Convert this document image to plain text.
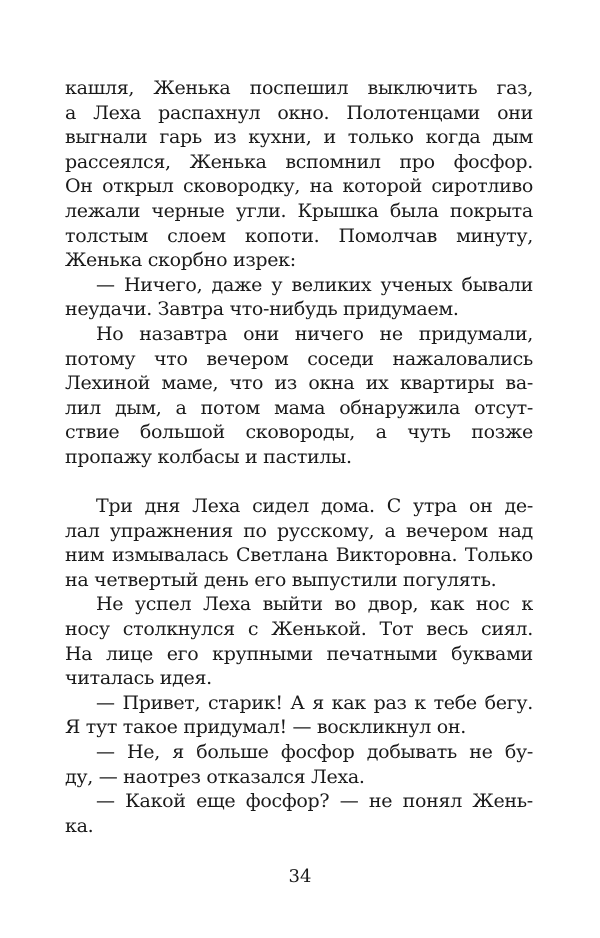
кашля, Женька поспешил выключить газ,
а Леха распахнул окно. Полотенцами они
выгнали гарь из кухни, и только когда дым
рассеялся, Женька вспомнил про фосфор.
Он открыл сковородку, на которой сиротливо
лежали черные угли. Крышка была покрыта
толстым слоем копоти. Помолчав минуту,
Женька скорбно изрек:
— Ничего, даже у великих ученых бывали
неудачи. Завтра что-нибудь придумаем.
Но назавтра они ничего не придумали,
потому что вечером соседи нажаловались
Лехиной маме, что из окна их квартиры ва-
лил дым, а потом мама обнаружила отсут-
ствие большой сковороды, а чуть позже
пропажу колбасы и пастилы.
Три дня Леха сидел дома. С утра он де-
лал упражнения по русскому, а вечером над
ним измывалась Светлана Викторовна. Только
на четвертый день его выпустили погулять.
Не успел Леха выйти во двор, как нос к
носу столкнулся с Женькой. Тот весь сиял.
На лице его крупными печатными буквами
читалась идея.
— Привет, старик! А я как раз к тебе бегу.
Я тут такое придумал! — воскликнул он.
— Не, я больше фосфор добывать не бу-
ду, — наотрез отказался Леха.
— Какой еще фосфор? — не понял Жень-
ка.
34
